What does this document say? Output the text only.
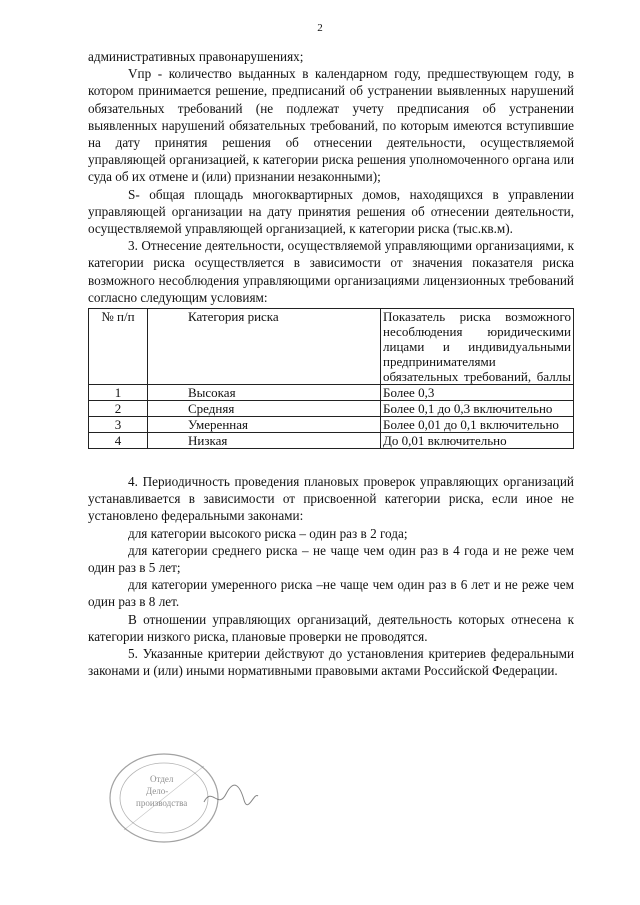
2

административных правонарушениях;

Vпр - количество выданных в календарном году, предшествующем году, в котором принимается решение, предписаний об устранении выявленных нарушений обязательных требований (не подлежат учету предписания об устранении выявленных нарушений обязательных требований, по которым имеются вступившие на дату принятия решения об отнесении деятельности, осуществляемой управляющей организацией, к категории риска решения уполномоченного органа или суда об их отмене и (или) признании незаконными);

S- общая площадь многоквартирных домов, находящихся в управлении управляющей организации на дату принятия решения об отнесении деятельности, осуществляемой управляющей организацией, к категории риска (тыс.кв.м).

3. Отнесение деятельности, осуществляемой управляющими организациями, к категории риска осуществляется в зависимости от значения показателя риска возможного несоблюдения управляющими организациями лицензионных требований согласно следующим условиям:

№ п/п	Категория риска	Показатель риска возможного несоблюдения юридическими лицами и индивидуальными предпринимателями обязательных требований, баллы
1	Высокая	Более 0,3
2	Средняя	Более 0,1 до 0,3 включительно
3	Умеренная	Более 0,01 до 0,1 включительно
4	Низкая	До 0,01 включительно

4. Периодичность проведения плановых проверок управляющих организаций устанавливается в зависимости от присвоенной категории риска, если иное не установлено федеральными законами:

для категории высокого риска – один раз в 2 года;

для категории среднего риска – не чаще чем один раз в 4 года и не реже чем один раз в 5 лет;

для категории умеренного риска –не чаще чем один раз в 6 лет и не реже чем один раз в 8 лет.

В отношении управляющих организаций, деятельность которых отнесена к категории низкого риска, плановые проверки не проводятся.

5. Указанные критерии действуют до установления критериев федеральными законами и (или) иными нормативными правовыми актами Российской Федерации.

Отдел
Дело-
производства
